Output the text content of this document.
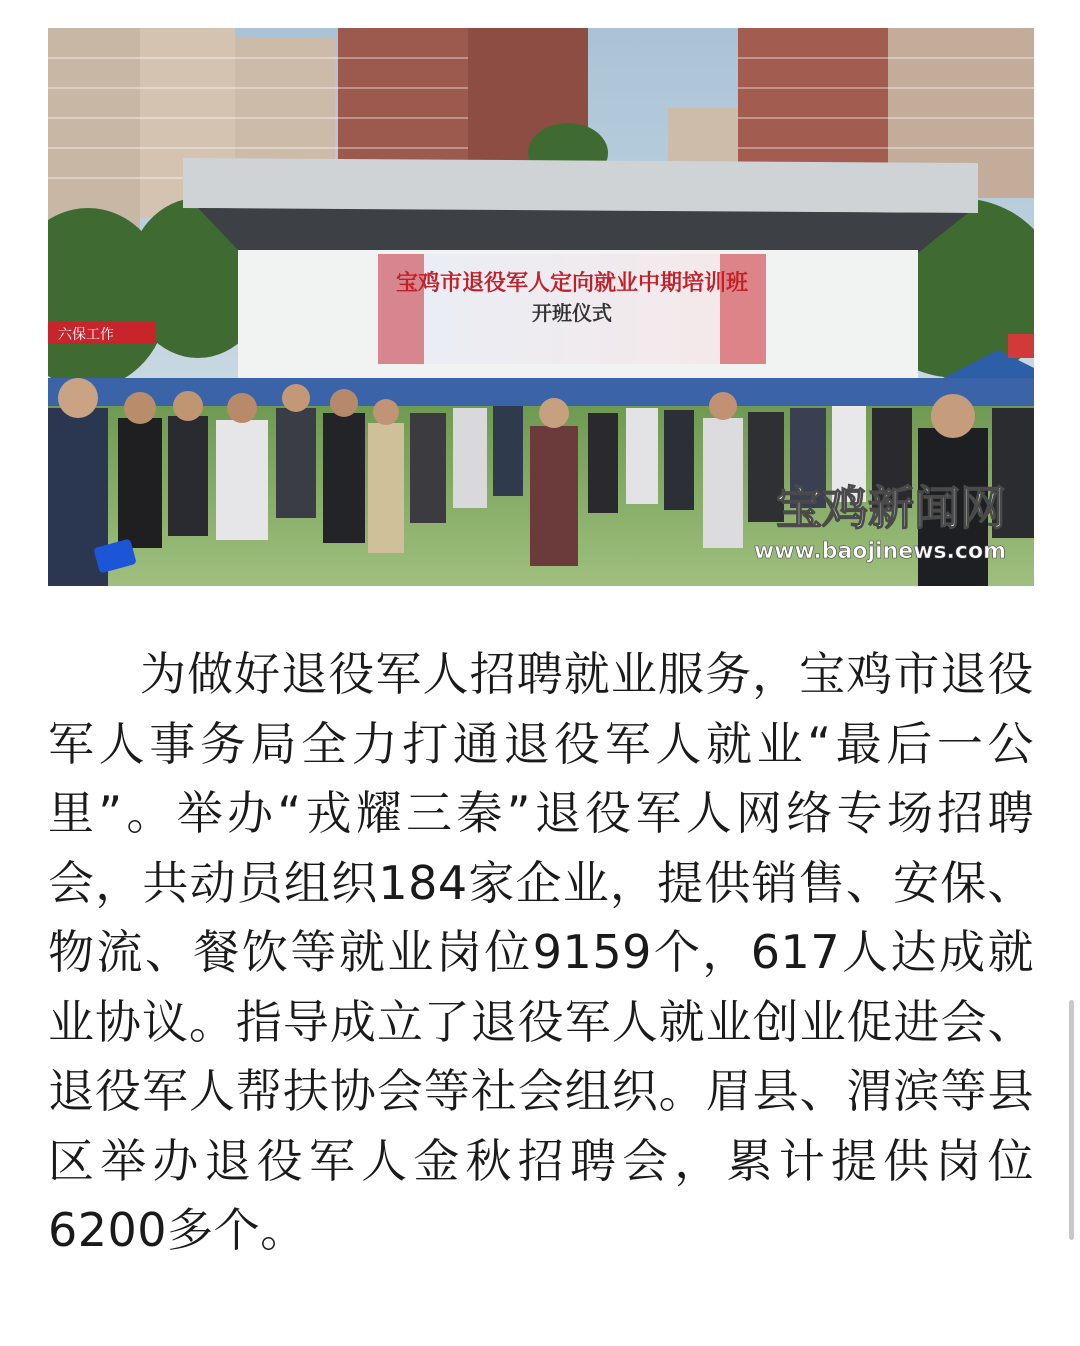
宝鸡市退役军人定向就业中期培训班
开班仪式
六保工作
宝鸡新闻网
www.baojinews.com

为做好退役军人招聘就业服务，宝鸡市退役军人事务局全力打通退役军人就业“最后一公里”。举办“戎耀三秦”退役军人网络专场招聘会，共动员组织184家企业，提供销售、安保、物流、餐饮等就业岗位9159个，617人达成就业协议。指导成立了退役军人就业创业促进会、退役军人帮扶协会等社会组织。眉县、渭滨等县区举办退役军人金秋招聘会，累计提供岗位6200多个。
